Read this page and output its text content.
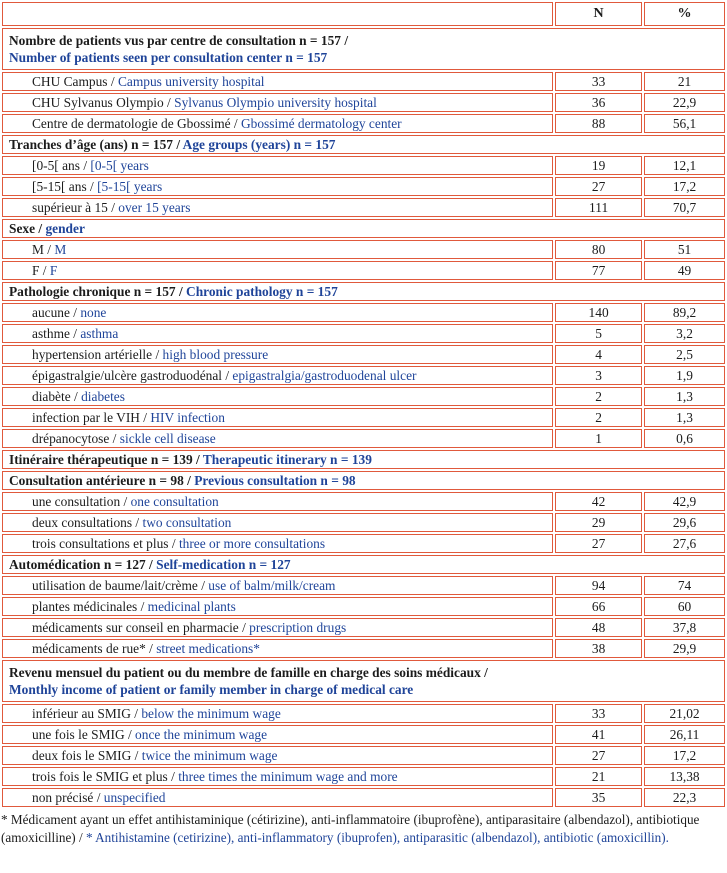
	N	%
Nombre de patients vus par centre de consultation n = 157 /
Number of patients seen per consultation center n = 157		

CHU Campus / Campus university hospital	33	21
CHU Sylvanus Olympio / Sylvanus Olympio university hospital	36	22,9
Centre de dermatologie de Gbossimé / Gbossimé dermatology center	88	56,1
Tranches d’âge (ans) n = 157 / Age groups (years) n = 157		
[0-5[ ans / [0-5[ years	19	12,1
[5-15[ ans / [5-15[ years	27	17,2
supérieur à 15 / over 15 years	111	70,7
Sexe / gender		
M / M	80	51
F / F	77	49
Pathologie chronique n = 157 / Chronic pathology n = 157		
aucune / none	140	89,2
asthme / asthma	5	3,2
hypertension artérielle / high blood pressure	4	2,5
épigastralgie/ulcère gastroduodénal / epigastralgia/gastroduodenal ulcer	3	1,9
diabète / diabetes	2	1,3
infection par le VIH / HIV infection	2	1,3
drépanocytose / sickle cell disease	1	0,6
Itinéraire thérapeutique n = 139 / Therapeutic itinerary n = 139		
Consultation antérieure n = 98 / Previous consultation n = 98		
une consultation / one consultation	42	42,9
deux consultations / two consultation	29	29,6
trois consultations et plus / three or more consultations	27	27,6
Automédication n = 127 / Self-medication n = 127		
utilisation de baume/lait/crème / use of balm/milk/cream	94	74
plantes médicinales / medicinal plants	66	60
médicaments sur conseil en pharmacie / prescription drugs	48	37,8
médicaments de rue* / street medications*	38	29,9
Revenu mensuel du patient ou du membre de famille en charge des soins médicaux /
Monthly income of patient or family member in charge of medical care		

inférieur au SMIG / below the minimum wage	33	21,02
une fois le SMIG / once the minimum wage	41	26,11
deux fois le SMIG / twice the minimum wage	27	17,2
trois fois le SMIG et plus / three times the minimum wage and more	21	13,38
non précisé / unspecified	35	22,3
* Médicament ayant un effet antihistaminique (cétirizine), anti-inflammatoire (ibuprofène), antiparasitaire (albendazol), antibiotique (amoxicilline) / * Antihistamine (cetirizine), anti-inflammatory (ibuprofen), antiparasitic (albendazol), antibiotic (amoxicillin).
